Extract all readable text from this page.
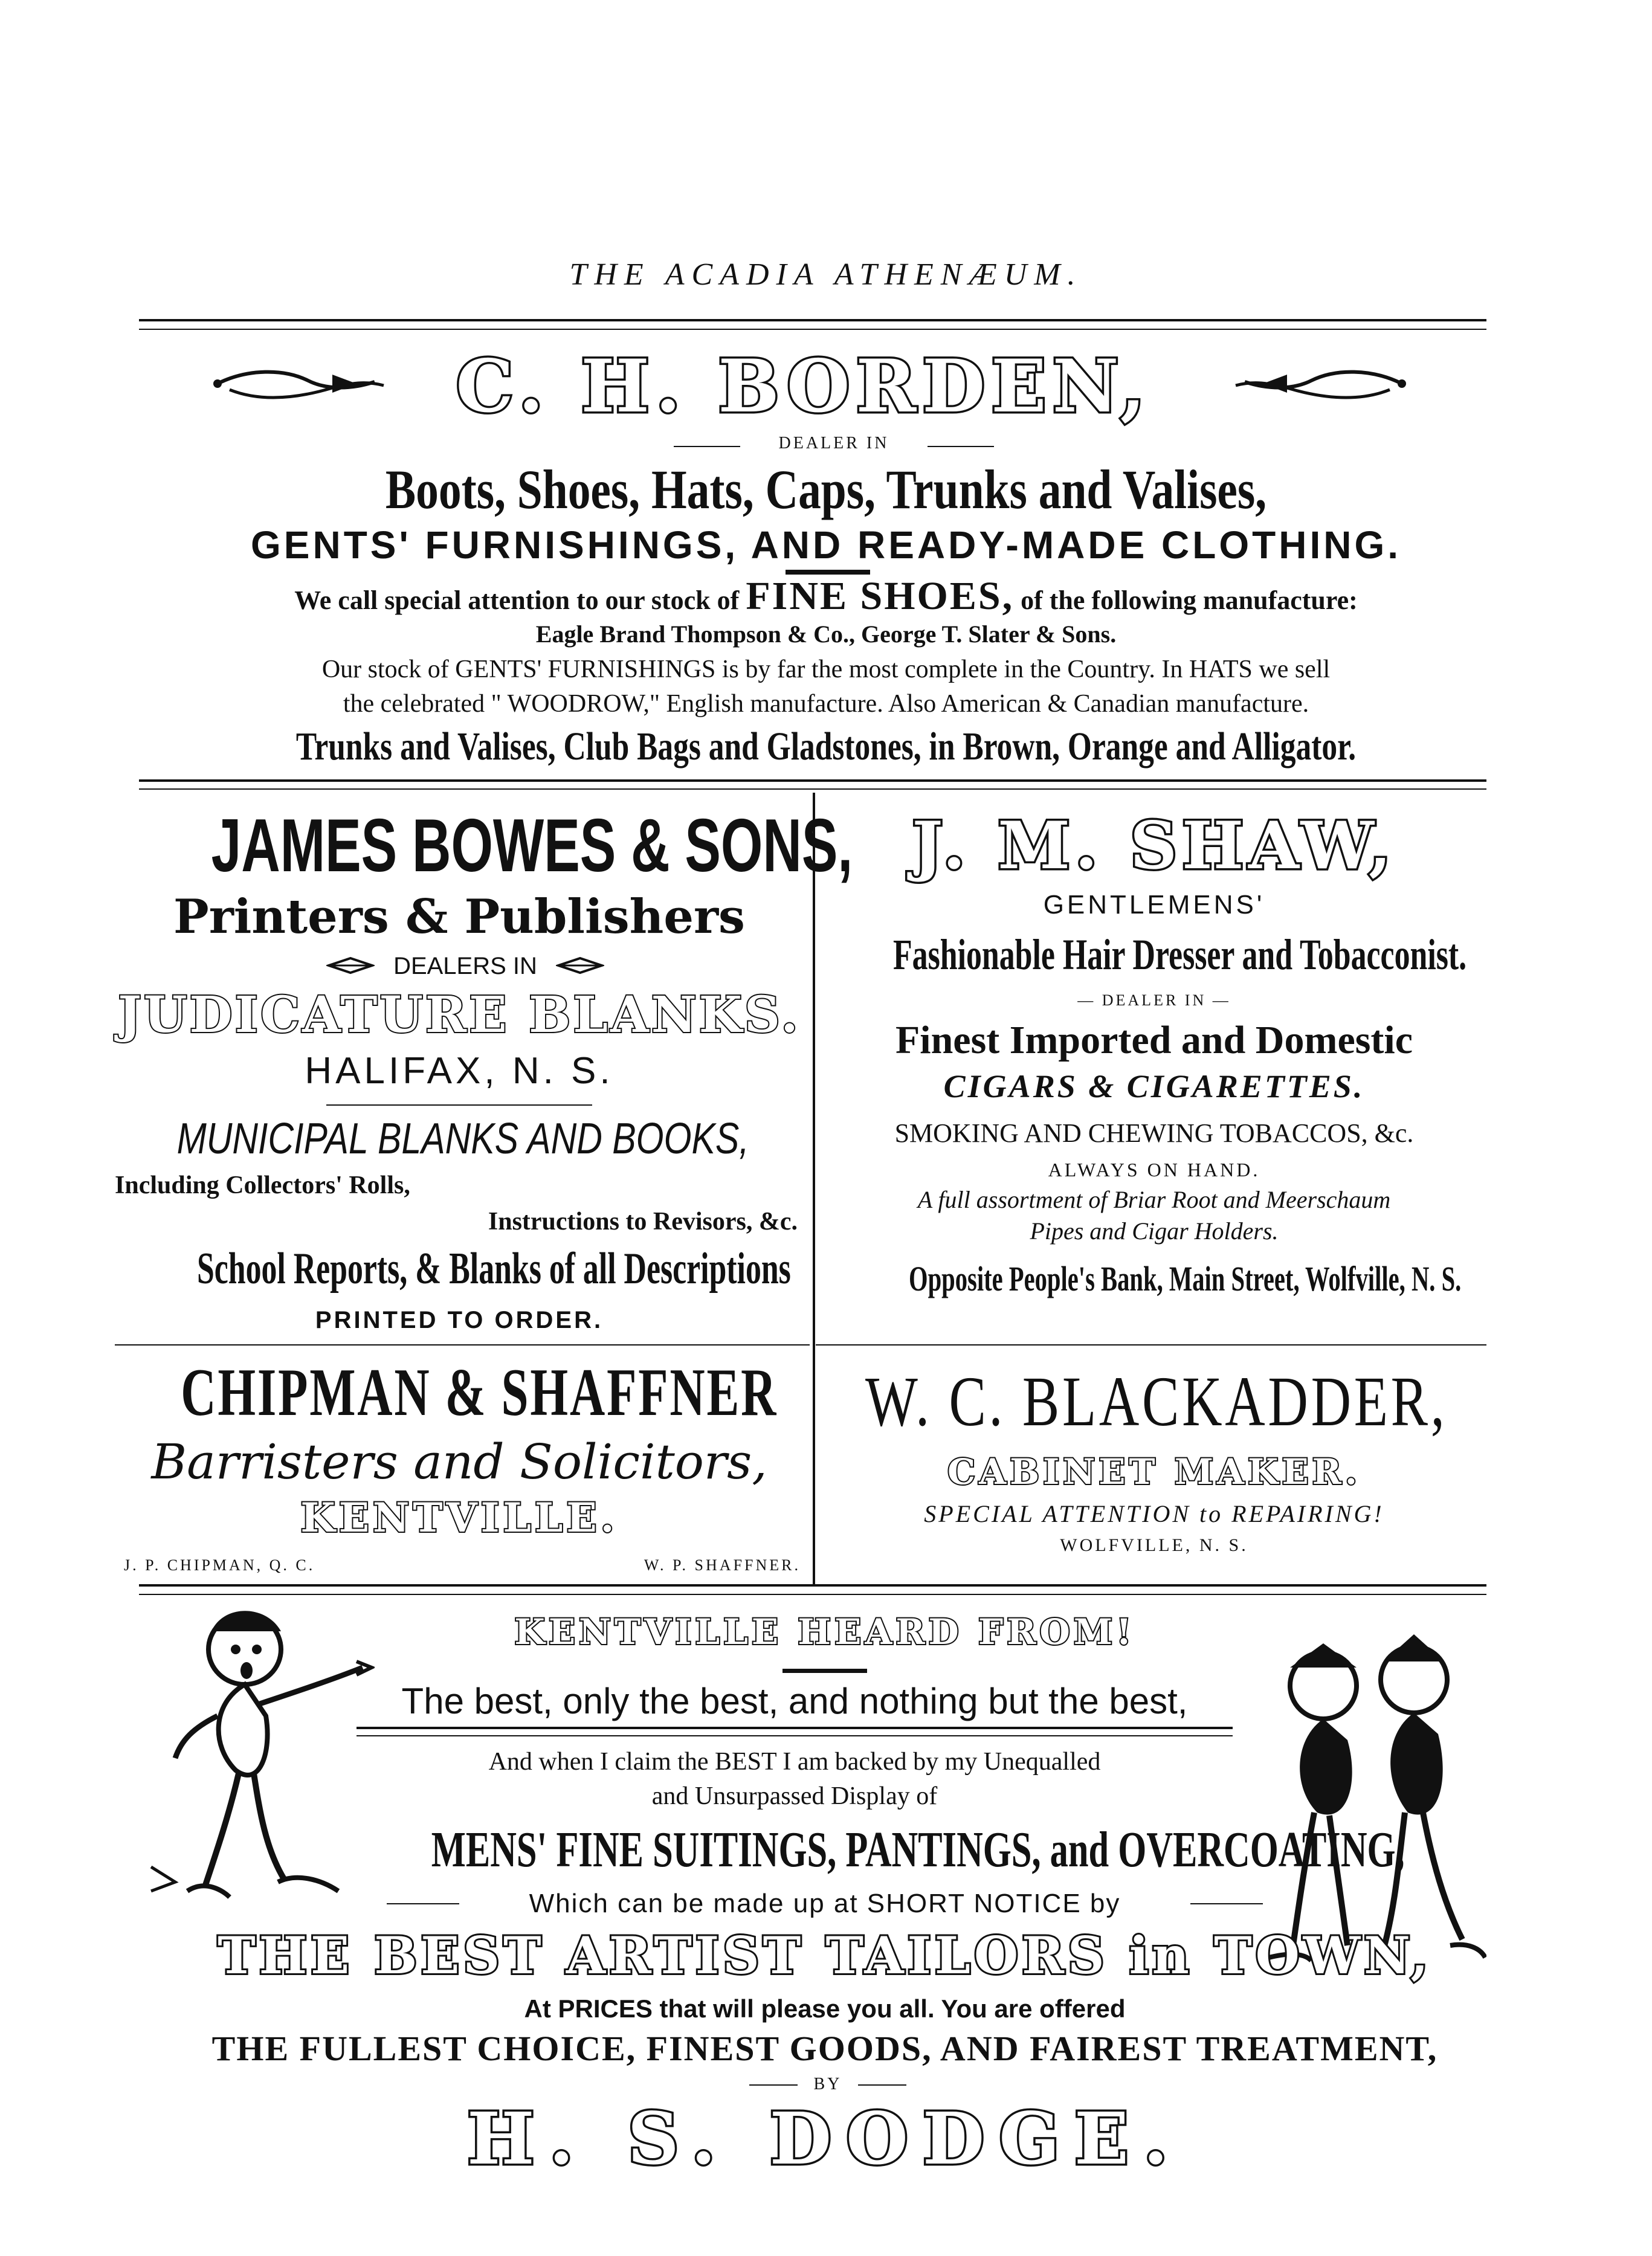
THE ACADIA ATHENÆUM.
C. H. BORDEN,
DEALER IN
Boots, Shoes, Hats, Caps, Trunks and Valises,
GENTS' FURNISHINGS, AND READY-MADE CLOTHING.
We call special attention to our stock of FINE SHOES, of the following manufacture:
Eagle Brand Thompson & Co., George T. Slater & Sons.
Our stock of GENTS' FURNISHINGS is by far the most complete in the Country. In HATS we sell
the celebrated " WOODROW," English manufacture. Also American & Canadian manufacture.
Trunks and Valises, Club Bags and Gladstones, in Brown, Orange and Alligator.
JAMES BOWES & SONS,
Printers & Publishers
DEALERS IN
JUDICATURE BLANKS.
HALIFAX, N. S.
MUNICIPAL BLANKS AND BOOKS,
Including Collectors' Rolls,
Instructions to Revisors, &c.
School Reports, & Blanks of all Descriptions
PRINTED TO ORDER.
J. M. SHAW,
GENTLEMENS'
Fashionable Hair Dresser and Tobacconist.
— DEALER IN —
Finest Imported and Domestic
CIGARS & CIGARETTES.
SMOKING AND CHEWING TOBACCOS, &c.
ALWAYS ON HAND.
A full assortment of Briar Root and Meerschaum
Pipes and Cigar Holders.
Opposite People's Bank, Main Street, Wolfville, N. S.
CHIPMAN & SHAFFNER
Barristers and Solicitors,
KENTVILLE.
J. P. CHIPMAN, Q. C.	W. P. SHAFFNER.
W. C. BLACKADDER,
CABINET MAKER.
SPECIAL ATTENTION to REPAIRING!
WOLFVILLE, N. S.
KENTVILLE HEARD FROM!
The best, only the best, and nothing but the best,
And when I claim the BEST I am backed by my Unequalled
and Unsurpassed Display of
MENS' FINE SUITINGS, PANTINGS, and OVERCOATING,
Which can be made up at SHORT NOTICE by
THE BEST ARTIST TAILORS in TOWN,
At PRICES that will please you all. You are offered
THE FULLEST CHOICE, FINEST GOODS, AND FAIREST TREATMENT,
BY
H. S. DODGE.
